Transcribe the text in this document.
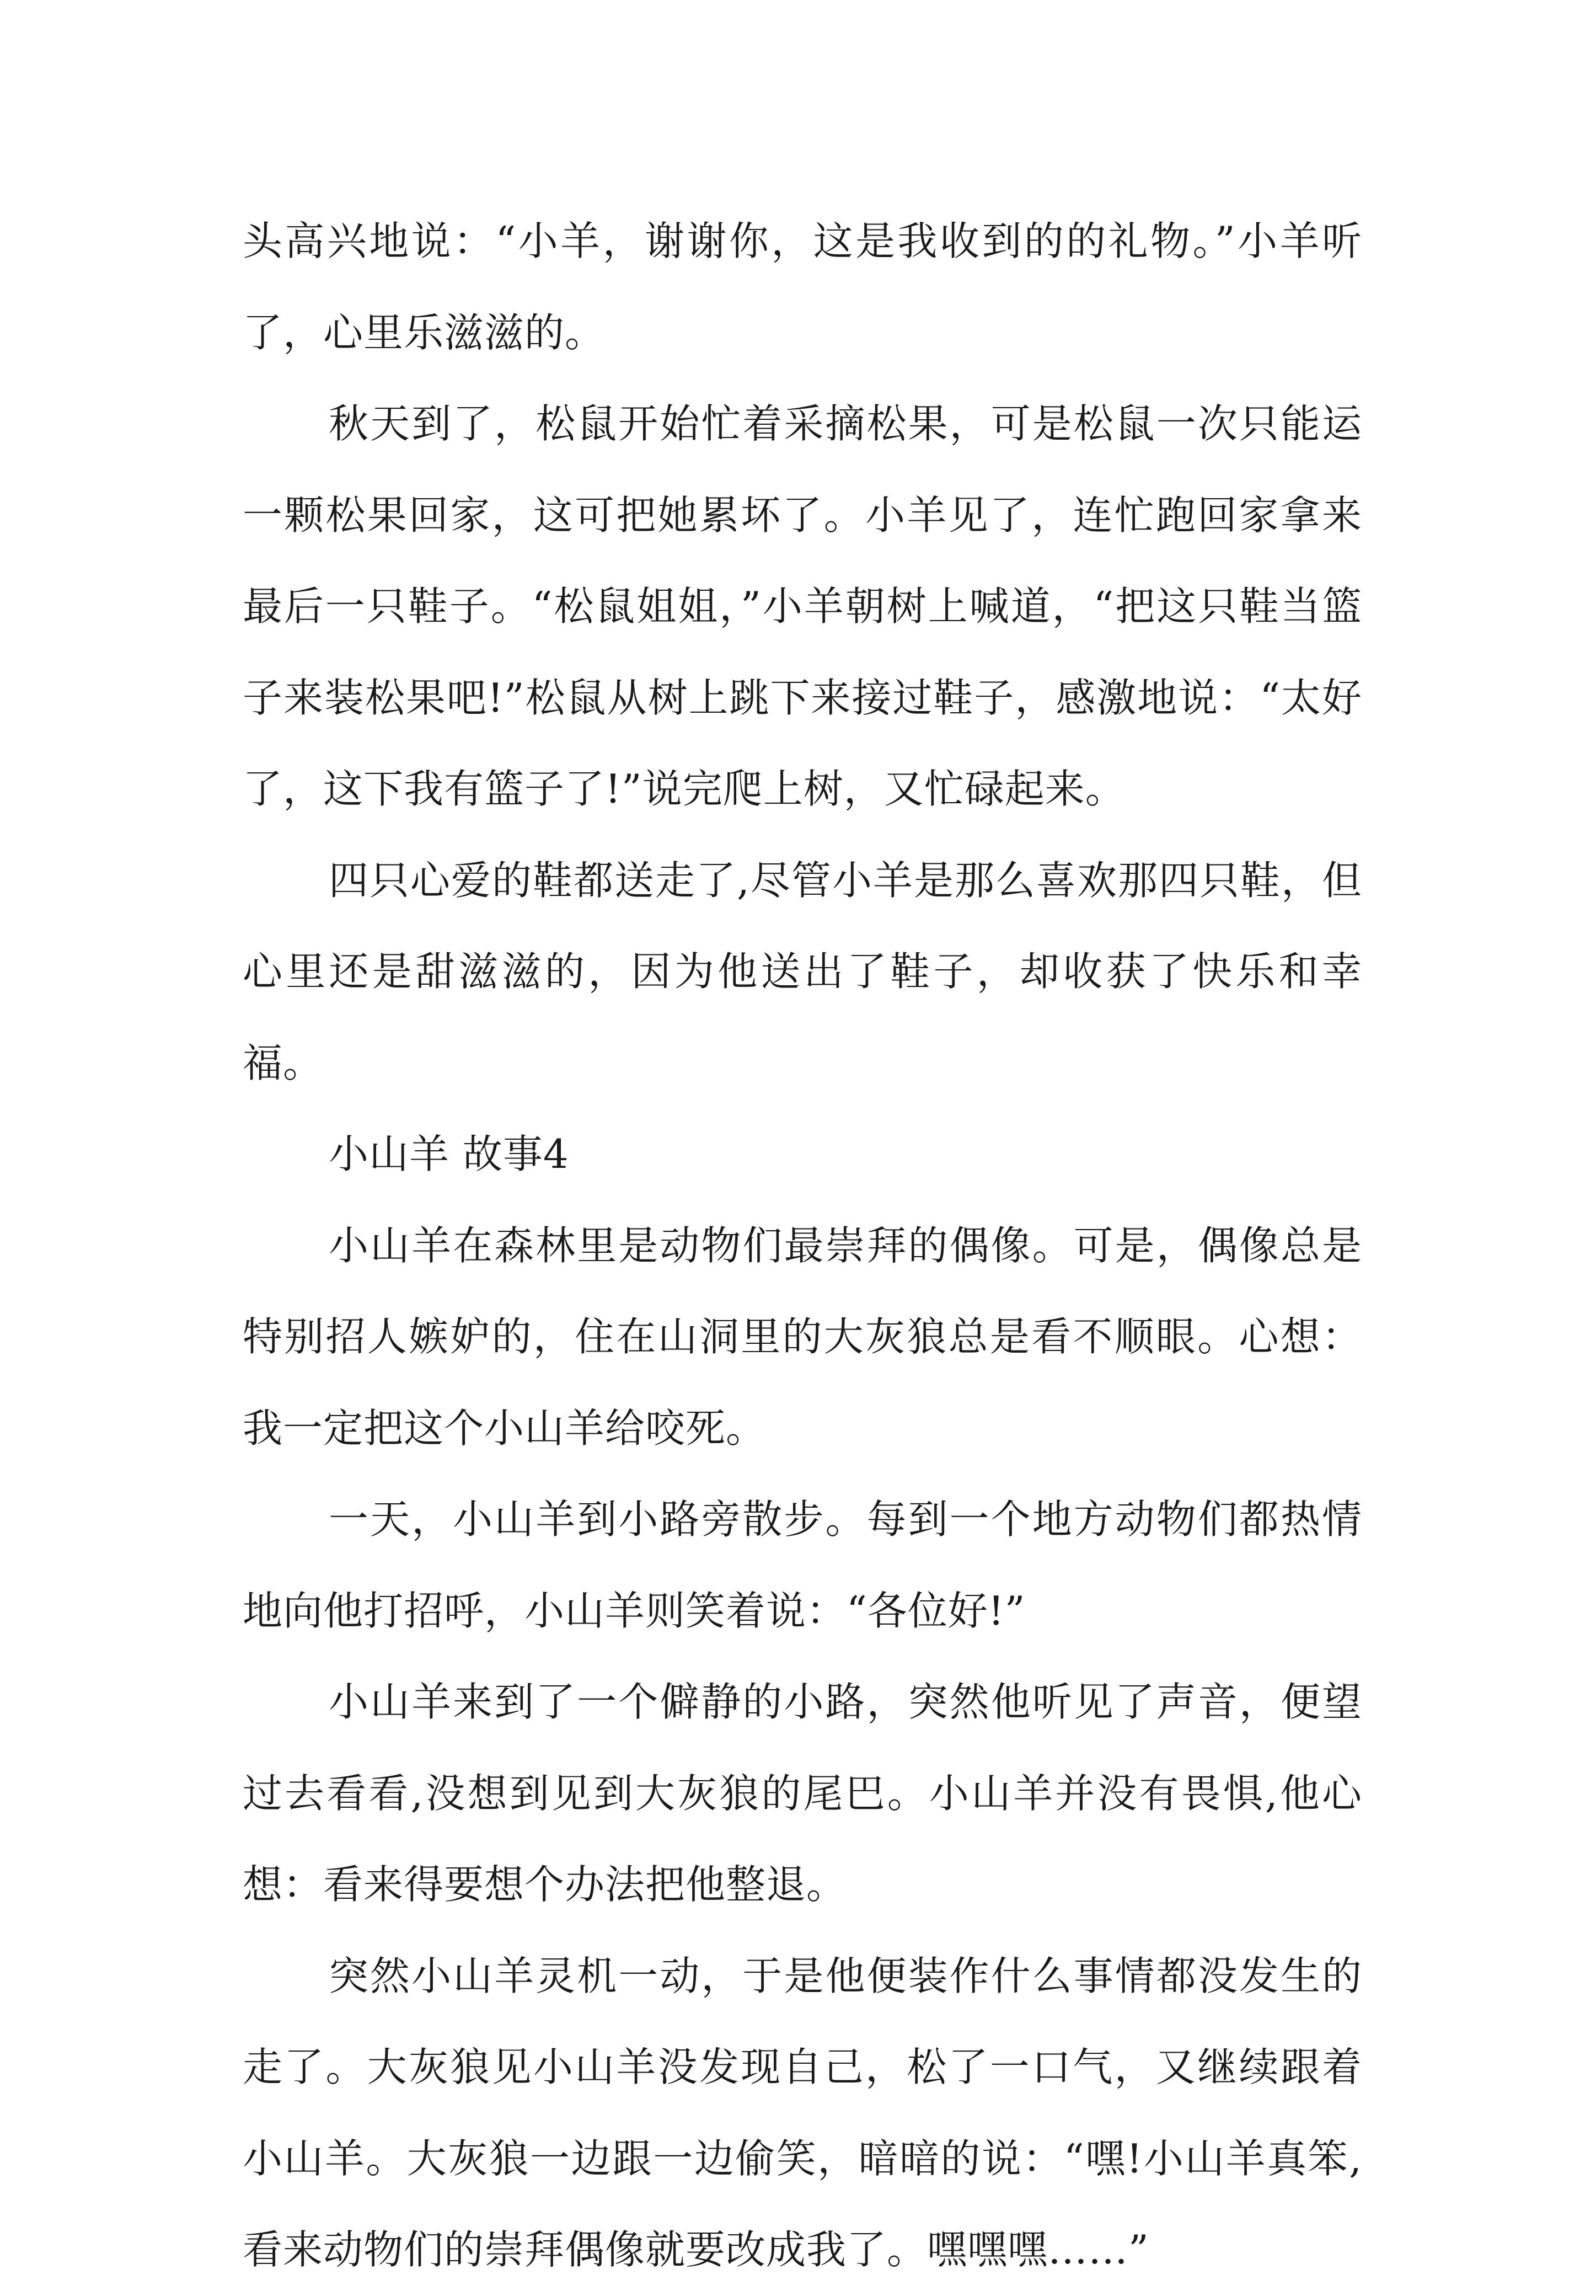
头高兴地说：“小羊，谢谢你，这是我收到的的礼物。”小羊听了，心里乐滋滋的。

秋天到了，松鼠开始忙着采摘松果，可是松鼠一次只能运一颗松果回家，这可把她累坏了。小羊见了，连忙跑回家拿来最后一只鞋子。“松鼠姐姐，”小羊朝树上喊道，“把这只鞋当篮子来装松果吧!”松鼠从树上跳下来接过鞋子，感激地说：“太好了，这下我有篮子了!”说完爬上树，又忙碌起来。

四只心爱的鞋都送走了,尽管小羊是那么喜欢那四只鞋，但心里还是甜滋滋的，因为他送出了鞋子，却收获了快乐和幸福。

小山羊 故事4

小山羊在森林里是动物们最崇拜的偶像。可是，偶像总是特别招人嫉妒的，住在山洞里的大灰狼总是看不顺眼。心想：我一定把这个小山羊给咬死。

一天，小山羊到小路旁散步。每到一个地方动物们都热情地向他打招呼，小山羊则笑着说：“各位好!”

小山羊来到了一个僻静的小路，突然他听见了声音，便望过去看看,没想到见到大灰狼的尾巴。小山羊并没有畏惧,他心想：看来得要想个办法把他整退。

突然小山羊灵机一动，于是他便装作什么事情都没发生的走了。大灰狼见小山羊没发现自己，松了一口气，又继续跟着小山羊。大灰狼一边跟一边偷笑，暗暗的说：“嘿!小山羊真笨,看来动物们的崇拜偶像就要改成我了。嘿嘿嘿……”
